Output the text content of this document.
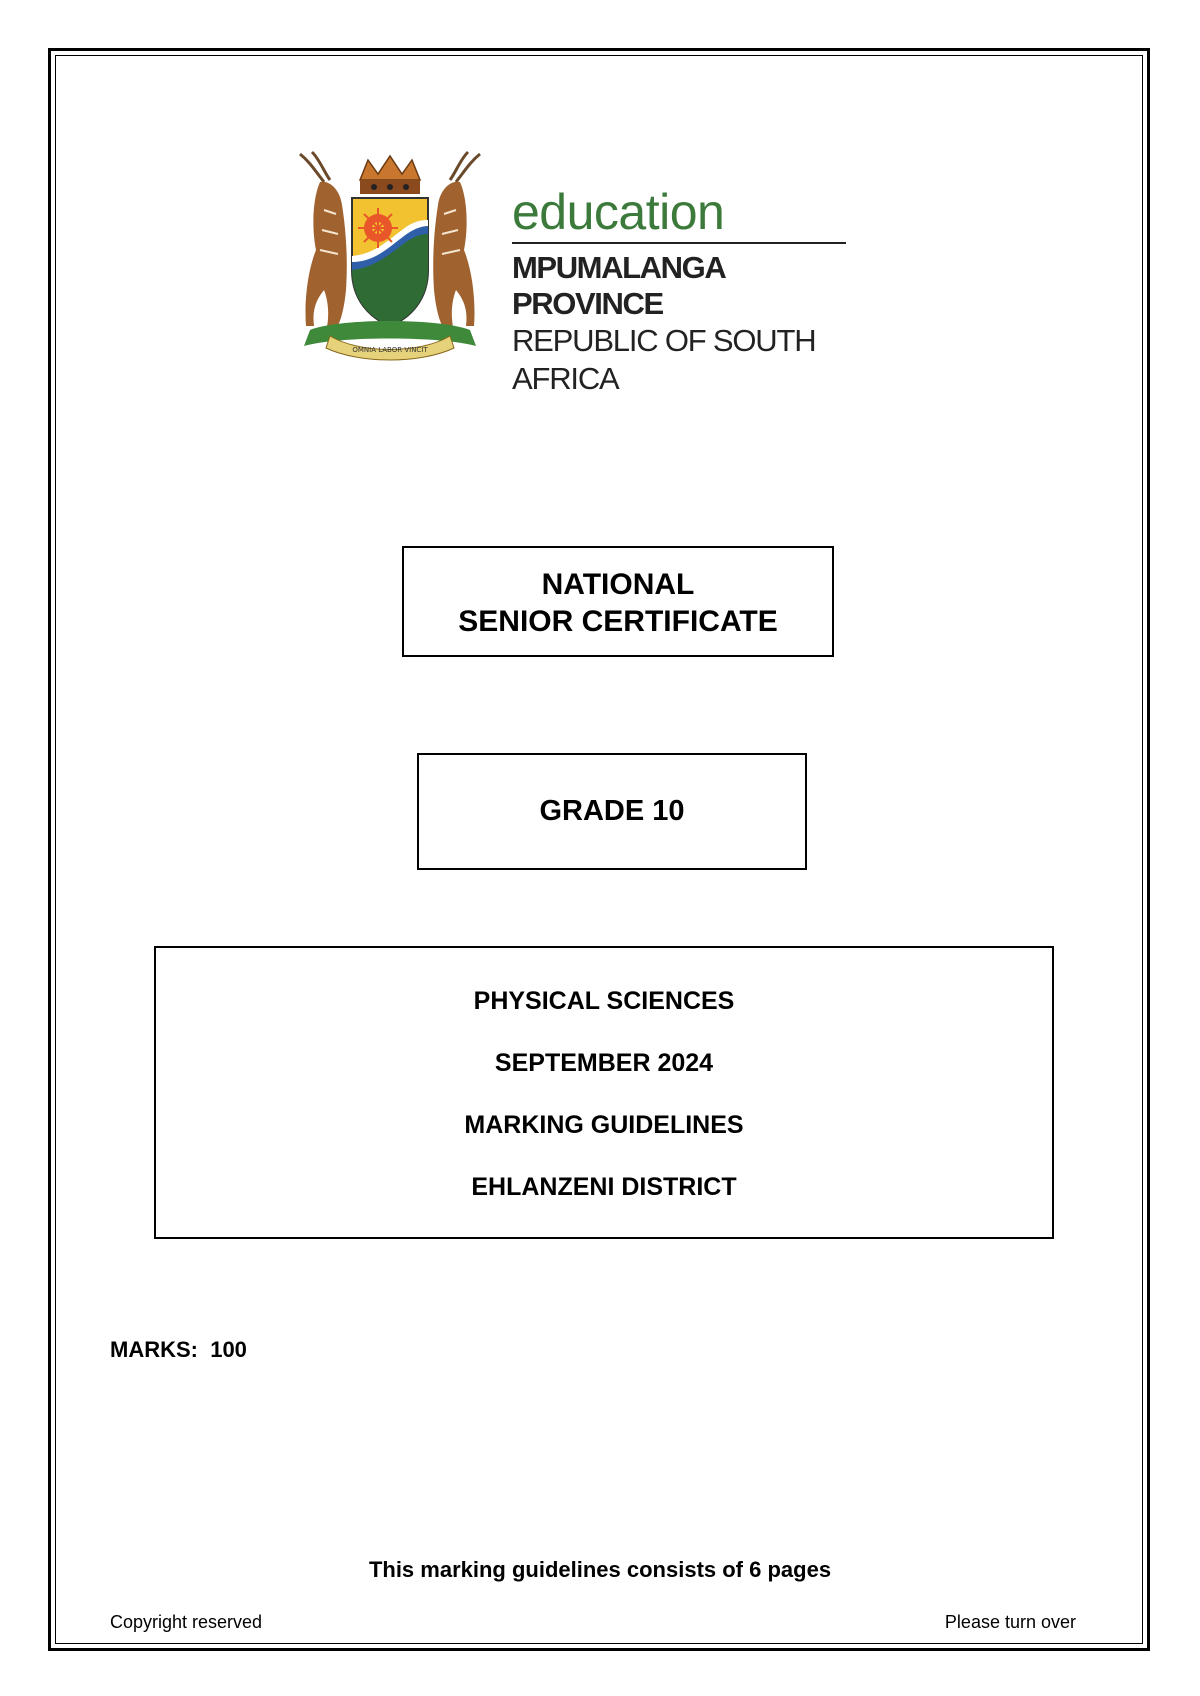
OMNIA LABOR VINCIT
education
MPUMALANGA PROVINCE
REPUBLIC OF SOUTH AFRICA
NATIONAL
SENIOR CERTIFICATE
GRADE 10
PHYSICAL SCIENCES
SEPTEMBER 2024
MARKING GUIDELINES
EHLANZENI DISTRICT
MARKS:  100
This marking guidelines consists of 6 pages
Copyright reserved	Please turn over
